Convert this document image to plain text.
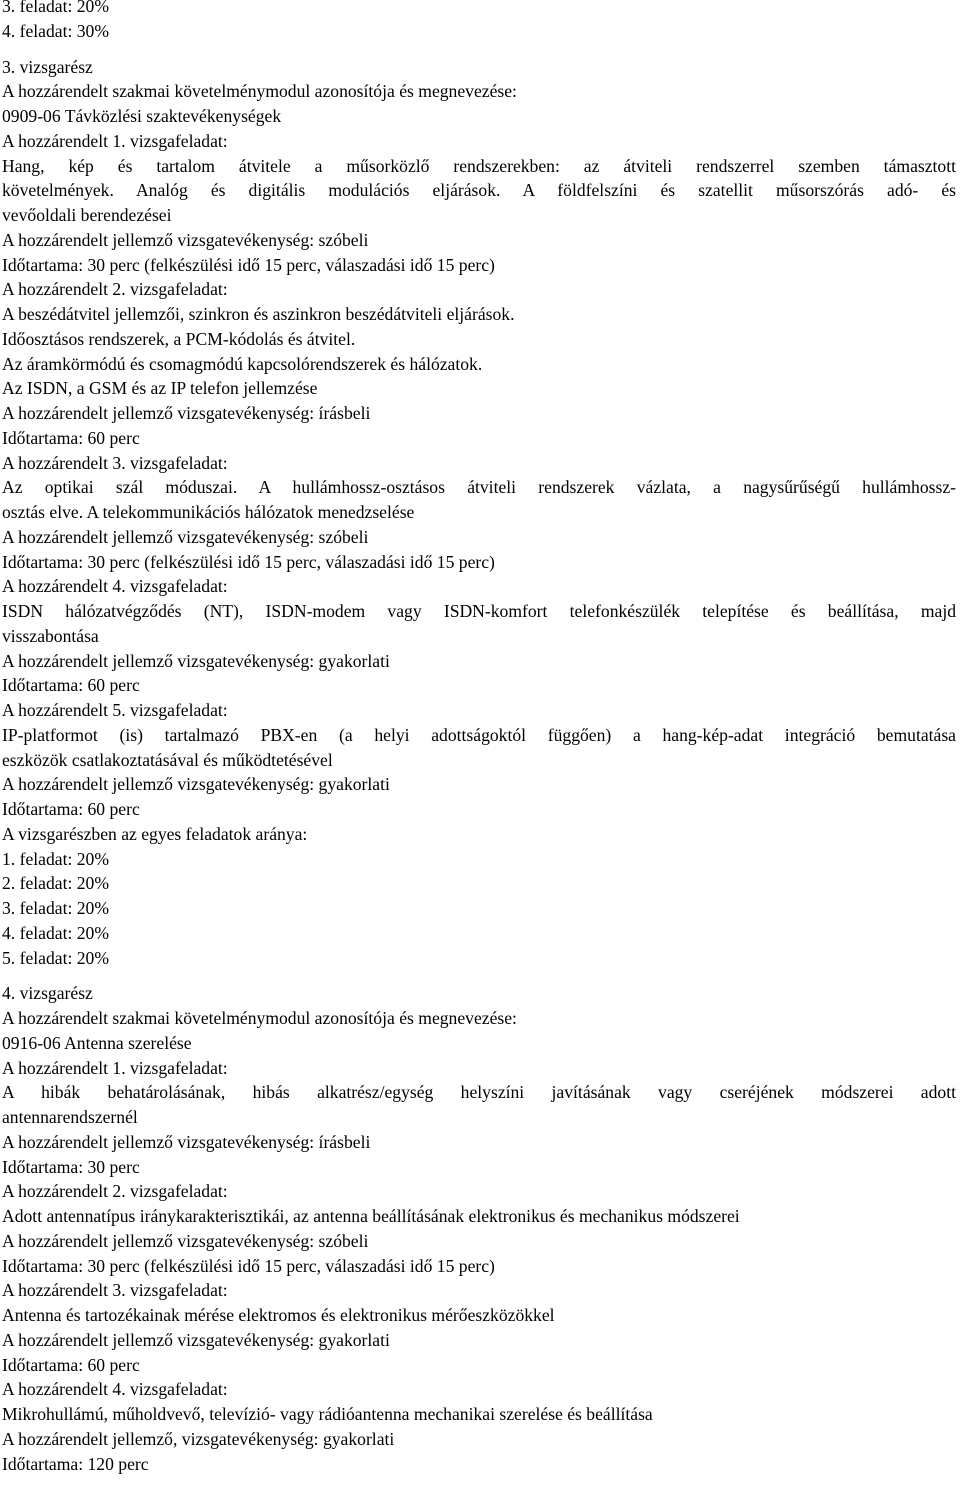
3. feladat: 20%
4. feladat: 30%
3. vizsgarész
A hozzárendelt szakmai követelménymodul azonosítója és megnevezése:
0909-06 Távközlési szaktevékenységek
A hozzárendelt 1. vizsgafeladat:
Hang, kép és tartalom átvitele a műsorközlő rendszerekben: az átviteli rendszerrel szemben támasztott
követelmények. Analóg és digitális modulációs eljárások. A földfelszíni és szatellit műsorszórás adó- és
vevőoldali berendezései
A hozzárendelt jellemző vizsgatevékenység: szóbeli
Időtartama: 30 perc (felkészülési idő 15 perc, válaszadási idő 15 perc)
A hozzárendelt 2. vizsgafeladat:
A beszédátvitel jellemzői, szinkron és aszinkron beszédátviteli eljárások.
Időosztásos rendszerek, a PCM-kódolás és átvitel.
Az áramkörmódú és csomagmódú kapcsolórendszerek és hálózatok.
Az ISDN, a GSM és az IP telefon jellemzése
A hozzárendelt jellemző vizsgatevékenység: írásbeli
Időtartama: 60 perc
A hozzárendelt 3. vizsgafeladat:
Az optikai szál móduszai. A hullámhossz-osztásos átviteli rendszerek vázlata, a nagysűrűségű hullámhossz-
osztás elve. A telekommunikációs hálózatok menedzselése
A hozzárendelt jellemző vizsgatevékenység: szóbeli
Időtartama: 30 perc (felkészülési idő 15 perc, válaszadási idő 15 perc)
A hozzárendelt 4. vizsgafeladat:
ISDN hálózatvégződés (NT), ISDN-modem vagy ISDN-komfort telefonkészülék telepítése és beállítása, majd
visszabontása
A hozzárendelt jellemző vizsgatevékenység: gyakorlati
Időtartama: 60 perc
A hozzárendelt 5. vizsgafeladat:
IP-platformot (is) tartalmazó PBX-en (a helyi adottságoktól függően) a hang-kép-adat integráció bemutatása
eszközök csatlakoztatásával és működtetésével
A hozzárendelt jellemző vizsgatevékenység: gyakorlati
Időtartama: 60 perc
A vizsgarészben az egyes feladatok aránya:
1. feladat: 20%
2. feladat: 20%
3. feladat: 20%
4. feladat: 20%
5. feladat: 20%
4. vizsgarész
A hozzárendelt szakmai követelménymodul azonosítója és megnevezése:
0916-06 Antenna szerelése
A hozzárendelt 1. vizsgafeladat:
A hibák behatárolásának, hibás alkatrész/egység helyszíni javításának vagy cseréjének módszerei adott
antennarendszernél
A hozzárendelt jellemző vizsgatevékenység: írásbeli
Időtartama: 30 perc
A hozzárendelt 2. vizsgafeladat:
Adott antennatípus iránykarakterisztikái, az antenna beállításának elektronikus és mechanikus módszerei
A hozzárendelt jellemző vizsgatevékenység: szóbeli
Időtartama: 30 perc (felkészülési idő 15 perc, válaszadási idő 15 perc)
A hozzárendelt 3. vizsgafeladat:
Antenna és tartozékainak mérése elektromos és elektronikus mérőeszközökkel
A hozzárendelt jellemző vizsgatevékenység: gyakorlati
Időtartama: 60 perc
A hozzárendelt 4. vizsgafeladat:
Mikrohullámú, műholdvevő, televízió- vagy rádióantenna mechanikai szerelése és beállítása
A hozzárendelt jellemző, vizsgatevékenység: gyakorlati
Időtartama: 120 perc
